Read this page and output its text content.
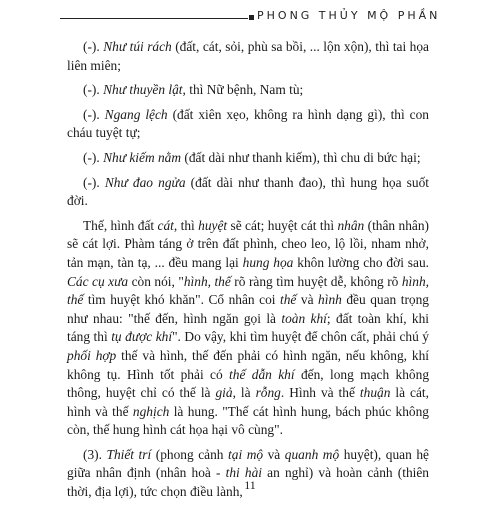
PHONG THỦY MỘ PHẦN

(-). Như túi rách (đất, cát, sỏi, phù sa bồi, ... lộn xộn), thì tai họa liên miên;

(-). Như thuyền lật, thì Nữ bệnh, Nam tù;

(-). Ngang lệch (đất xiên xẹo, không ra hình dạng gì), thì con cháu tuyệt tự;

(-). Như kiếm nằm (đất dài như thanh kiếm), thì chu di bức hại;

(-). Như đao ngửa (đất dài như thanh đao), thì hung họa suốt đời.

Thế, hình đất cát, thì huyệt sẽ cát; huyệt cát thì nhân (thân nhân) sẽ cát lợi. Phàm táng ở trên đất phình, cheo leo, lộ lồi, nham nhở, tản mạn, tàn tạ, ... đều mang lại hung họa khôn lường cho đời sau. Các cụ xưa còn nói, "hình, thế rõ ràng tìm huyệt dễ, không rõ hình, thế tìm huyệt khó khăn". Cổ nhân coi thế và hình đều quan trọng như nhau: "thế đến, hình ngăn gọi là toàn khí; đất toàn khí, khi táng thì tụ được khí". Do vậy, khi tìm huyệt để chôn cất, phải chú ý phối hợp thế và hình, thế đến phải có hình ngăn, nếu không, khí không tụ. Hình tốt phải có thế dẫn khí đến, long mạch không thông, huyệt chỉ có thế là giả, là rỗng. Hình và thế thuận là cát, hình và thế nghịch là hung. "Thế cát hình hung, bách phúc không còn, thế hung hình cát họa hại vô cùng".

(3). Thiết trí (phong cảnh tại mộ và quanh mộ huyệt), quan hệ giữa nhân định (nhân hoà - thi hài an nghỉ) và hoàn cảnh (thiên thời, địa lợi), tức chọn điều lành, 11
